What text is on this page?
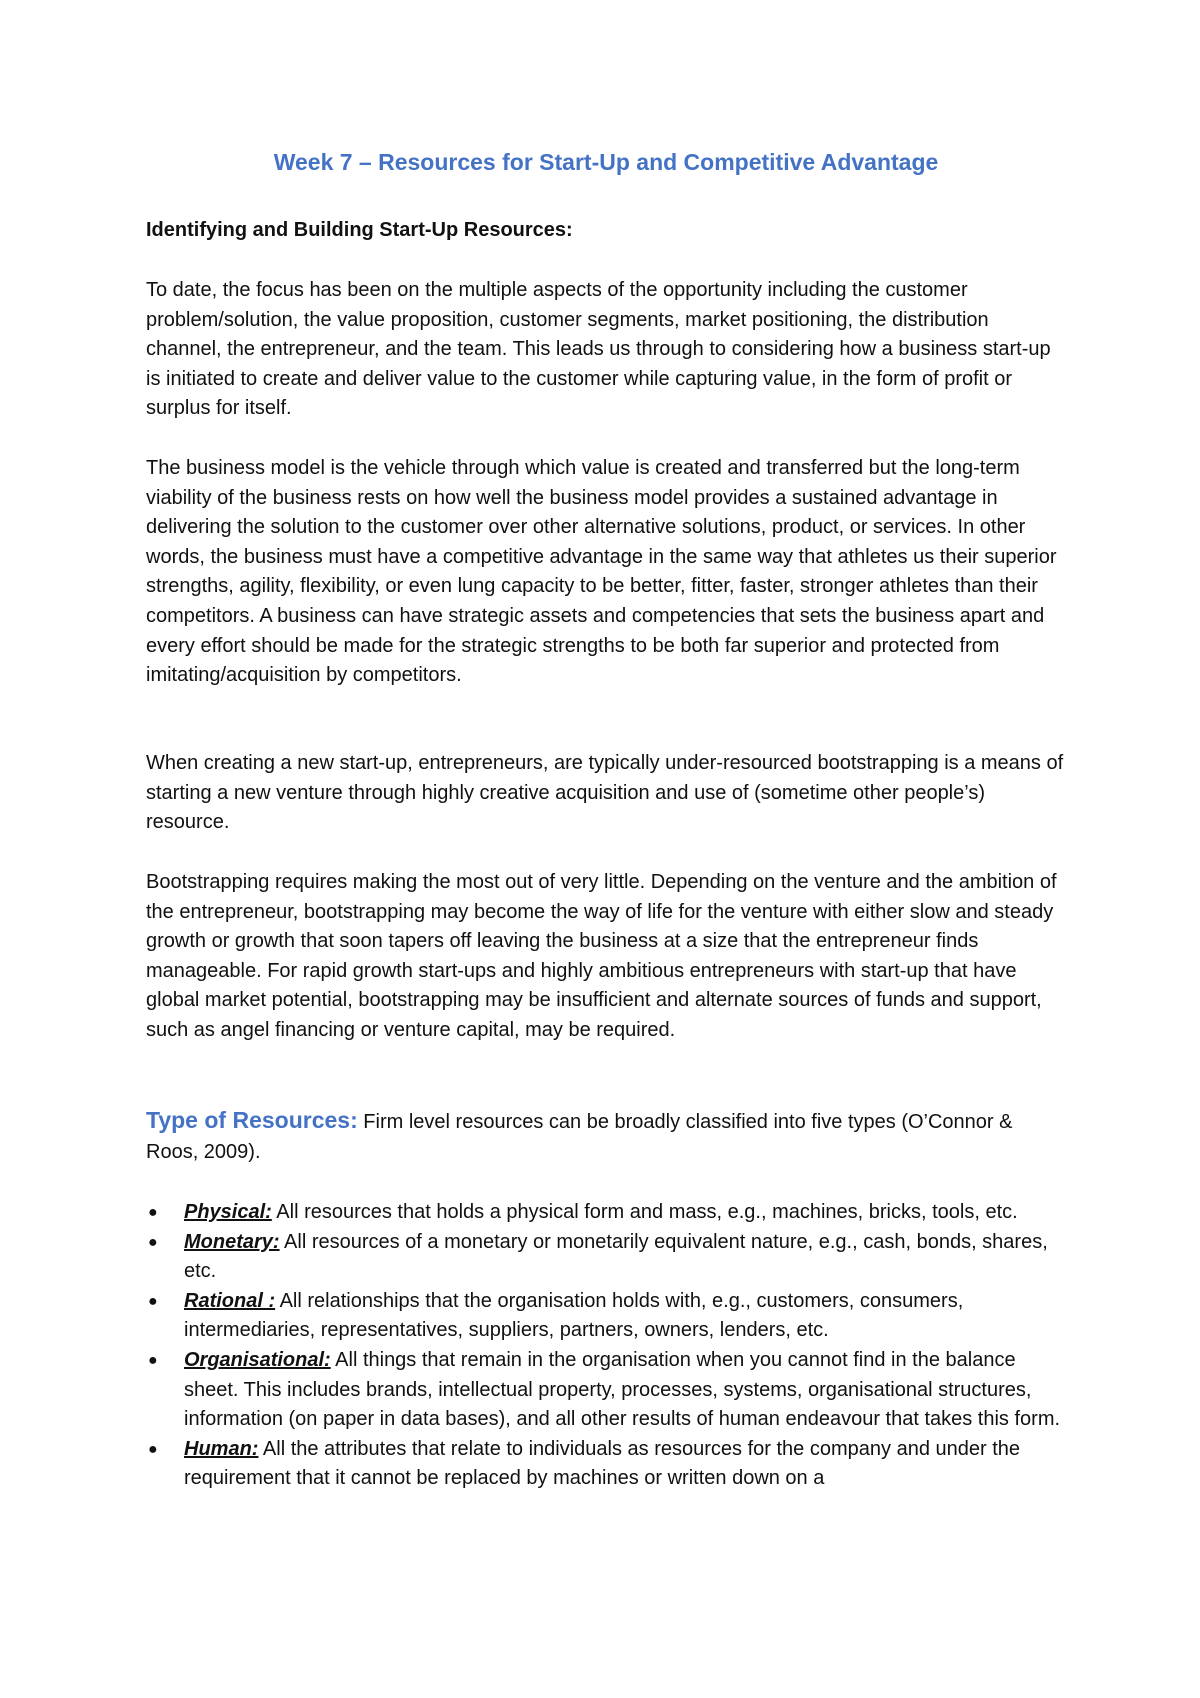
Week 7 – Resources for Start-Up and Competitive Advantage

Identifying and Building Start-Up Resources:

To date, the focus has been on the multiple aspects of the opportunity including the customer problem/solution, the value proposition, customer segments, market positioning, the distribution channel, the entrepreneur, and the team. This leads us through to considering how a business start-up is initiated to create and deliver value to the customer while capturing value, in the form of profit or surplus for itself.

The business model is the vehicle through which value is created and transferred but the long-term viability of the business rests on how well the business model provides a sustained advantage in delivering the solution to the customer over other alternative solutions, product, or services. In other words, the business must have a competitive advantage in the same way that athletes us their superior strengths, agility, flexibility, or even lung capacity to be better, fitter, faster, stronger athletes than their competitors. A business can have strategic assets and competencies that sets the business apart and every effort should be made for the strategic strengths to be both far superior and protected from imitating/acquisition by competitors.

When creating a new start-up, entrepreneurs, are typically under-resourced bootstrapping is a means of starting a new venture through highly creative acquisition and use of (sometime other people’s) resource.

Bootstrapping requires making the most out of very little. Depending on the venture and the ambition of the entrepreneur, bootstrapping may become the way of life for the venture with either slow and steady growth or growth that soon tapers off leaving the business at a size that the entrepreneur finds manageable. For rapid growth start-ups and highly ambitious entrepreneurs with start-up that have global market potential, bootstrapping may be insufficient and alternate sources of funds and support, such as angel financing or venture capital, may be required.

Type of Resources: Firm level resources can be broadly classified into five types (O’Connor & Roos, 2009).

● Physical: All resources that holds a physical form and mass, e.g., machines, bricks, tools, etc.
● Monetary: All resources of a monetary or monetarily equivalent nature, e.g., cash, bonds, shares, etc.
● Rational : All relationships that the organisation holds with, e.g., customers, consumers, intermediaries, representatives, suppliers, partners, owners, lenders, etc.
● Organisational: All things that remain in the organisation when you cannot find in the balance sheet. This includes brands, intellectual property, processes, systems, organisational structures, information (on paper in data bases), and all other results of human endeavour that takes this form.
● Human: All the attributes that relate to individuals as resources for the company and under the requirement that it cannot be replaced by machines or written down on a
